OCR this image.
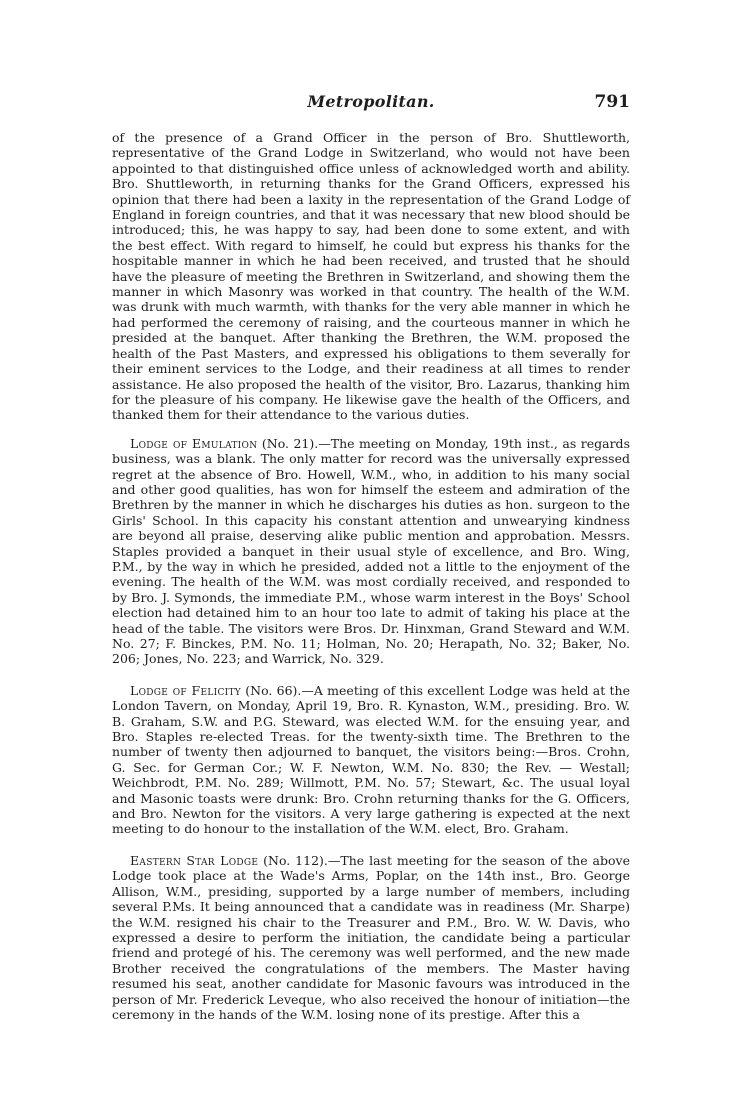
Metropolitan.	791

of the presence of a Grand Officer in the person of Bro. Shuttleworth, representative of the Grand Lodge in Switzerland, who would not have been appointed to that distinguished office unless of acknowledged worth and ability. Bro. Shuttleworth, in returning thanks for the Grand Officers, expressed his opinion that there had been a laxity in the representation of the Grand Lodge of England in foreign countries, and that it was necessary that new blood should be introduced; this, he was happy to say, had been done to some extent, and with the best effect. With regard to himself, he could but express his thanks for the hospitable manner in which he had been received, and trusted that he should have the pleasure of meeting the Brethren in Switzerland, and showing them the manner in which Masonry was worked in that country. The health of the W.M. was drunk with much warmth, with thanks for the very able manner in which he had performed the ceremony of raising, and the courteous manner in which he presided at the banquet. After thanking the Brethren, the W.M. proposed the health of the Past Masters, and expressed his obligations to them severally for their eminent services to the Lodge, and their readiness at all times to render assistance. He also proposed the health of the visitor, Bro. Lazarus, thanking him for the pleasure of his company. He likewise gave the health of the Officers, and thanked them for their attendance to the various duties.

Lodge of Emulation (No. 21).—The meeting on Monday, 19th inst., as regards business, was a blank. The only matter for record was the universally expressed regret at the absence of Bro. Howell, W.M., who, in addition to his many social and other good qualities, has won for himself the esteem and admiration of the Brethren by the manner in which he discharges his duties as hon. surgeon to the Girls' School. In this capacity his constant attention and unwearying kindness are beyond all praise, deserving alike public mention and approbation. Messrs. Staples provided a banquet in their usual style of excellence, and Bro. Wing, P.M., by the way in which he presided, added not a little to the enjoyment of the evening. The health of the W.M. was most cordially received, and responded to by Bro. J. Symonds, the immediate P.M., whose warm interest in the Boys' School election had detained him to an hour too late to admit of taking his place at the head of the table. The visitors were Bros. Dr. Hinxman, Grand Steward and W.M. No. 27; F. Binckes, P.M. No. 11; Holman, No. 20; Herapath, No. 32; Baker, No. 206; Jones, No. 223; and Warrick, No. 329.

Lodge of Felicity (No. 66).—A meeting of this excellent Lodge was held at the London Tavern, on Monday, April 19, Bro. R. Kynaston, W.M., presiding. Bro. W. B. Graham, S.W. and P.G. Steward, was elected W.M. for the ensuing year, and Bro. Staples re-elected Treas. for the twenty-sixth time. The Brethren to the number of twenty then adjourned to banquet, the visitors being:—Bros. Crohn, G. Sec. for German Cor.; W. F. Newton, W.M. No. 830; the Rev. — Westall; Weichbrodt, P.M. No. 289; Willmott, P.M. No. 57; Stewart, &c. The usual loyal and Masonic toasts were drunk: Bro. Crohn returning thanks for the G. Officers, and Bro. Newton for the visitors. A very large gathering is expected at the next meeting to do honour to the installation of the W.M. elect, Bro. Graham.

Eastern Star Lodge (No. 112).—The last meeting for the season of the above Lodge took place at the Wade's Arms, Poplar, on the 14th inst., Bro. George Allison, W.M., presiding, supported by a large number of members, including several P.Ms. It being announced that a candidate was in readiness (Mr. Sharpe) the W.M. resigned his chair to the Treasurer and P.M., Bro. W. W. Davis, who expressed a desire to perform the initiation, the candidate being a particular friend and protegé of his. The ceremony was well performed, and the new made Brother received the congratulations of the members. The Master having resumed his seat, another candidate for Masonic favours was introduced in the person of Mr. Frederick Leveque, who also received the honour of initiation—the ceremony in the hands of the W.M. losing none of its prestige. After this a
